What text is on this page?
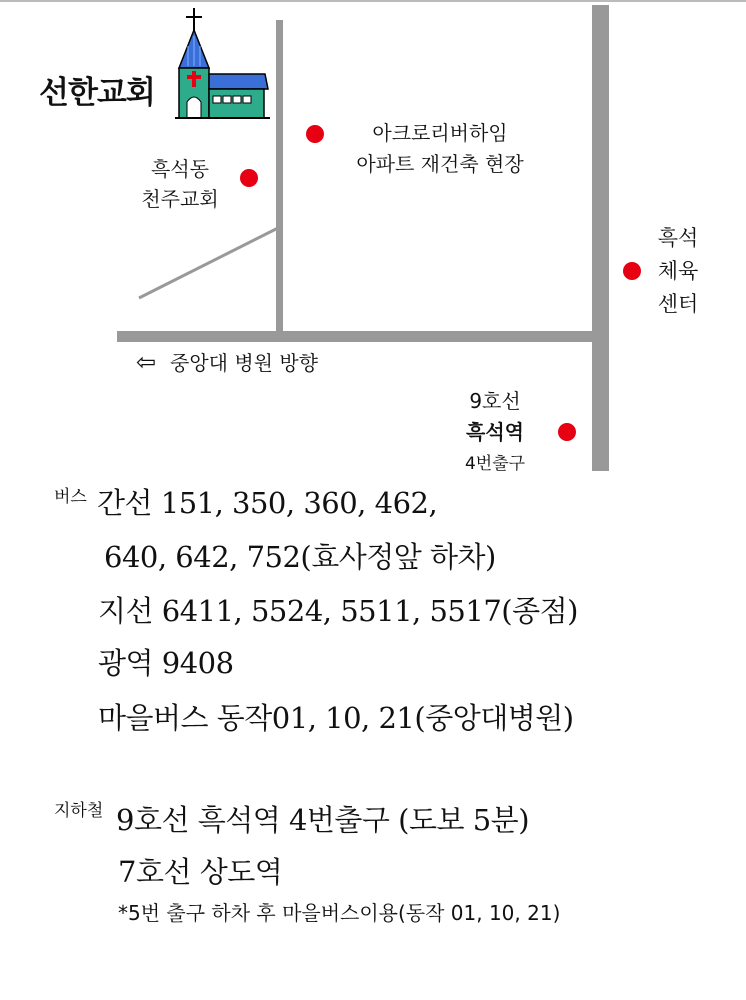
선한교회
흑석동
천주교회
아크로리버하임
아파트 재건축 현장
흑석
체육
센터
⇦ 중앙대 병원 방향
9호선
흑석역
4번출구
버스 간선 151, 350, 360, 462,
640, 642, 752(효사정앞 하차)
지선 6411, 5524, 5511, 5517(종점)
광역 9408
마을버스 동작01, 10, 21(중앙대병원)
지하철 9호선 흑석역 4번출구 (도보 5분)
7호선 상도역
*5번 출구 하차 후 마을버스이용(동작 01, 10, 21)
